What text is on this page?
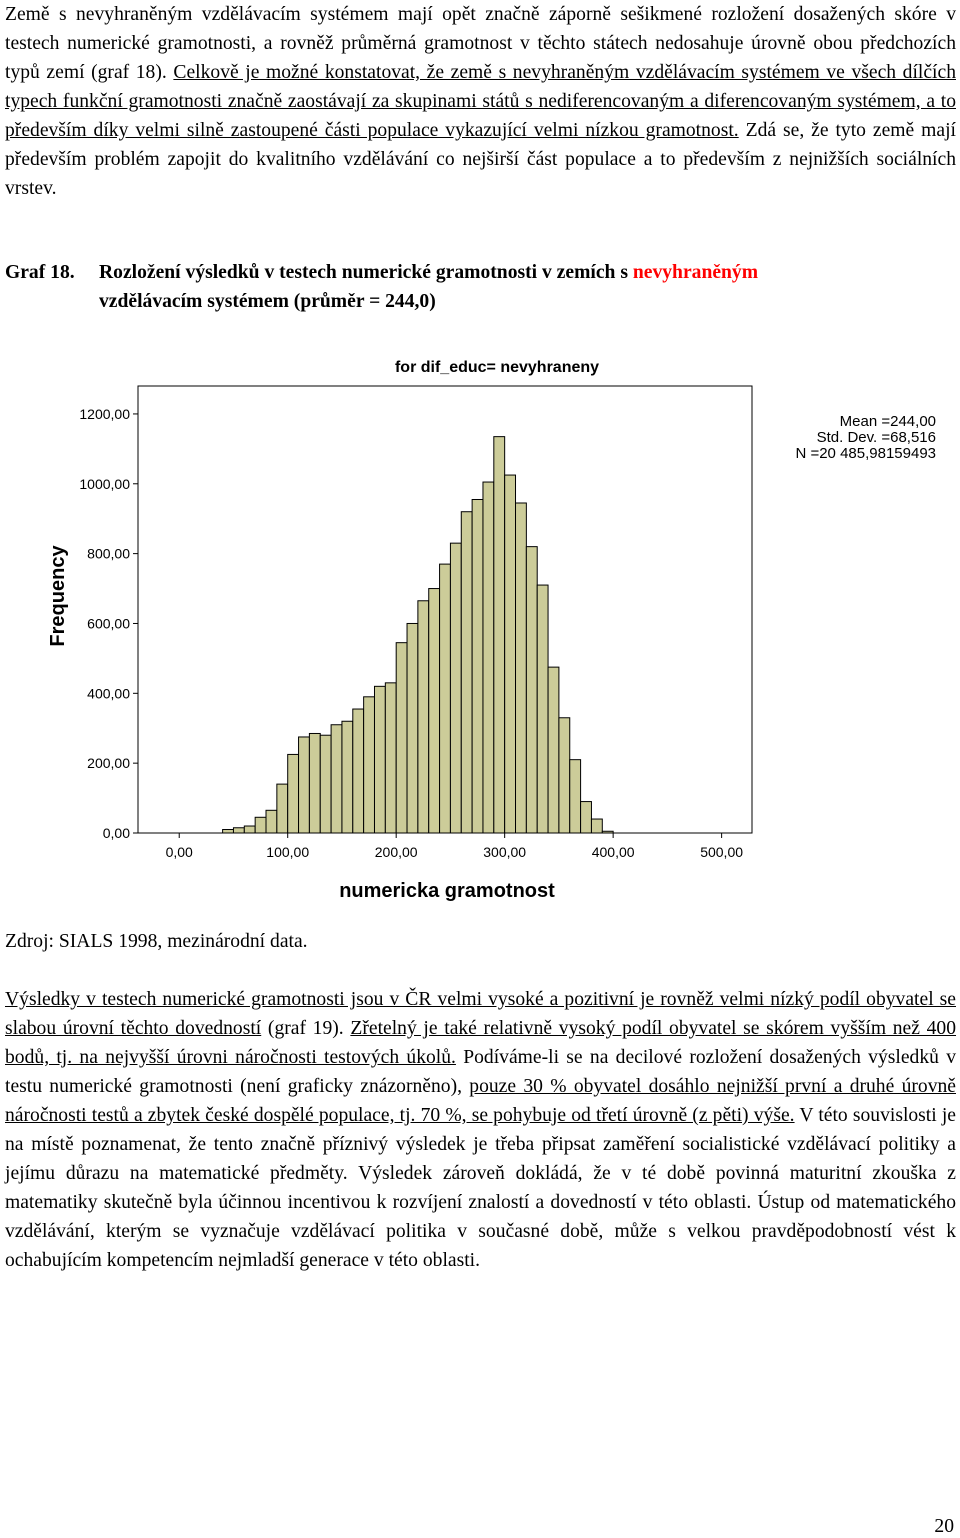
Země s nevyhraněným vzdělávacím systémem mají opět značně záporně sešikmené rozložení dosažených skóre v testech numerické gramotnosti, a rovněž průměrná gramotnost v těchto státech nedosahuje úrovně obou předchozích typů zemí (graf 18). Celkově je možné konstatovat, že země s nevyhraněným vzdělávacím systémem ve všech dílčích typech funkční gramotnosti značně zaostávají za skupinami států s nediferencovaným a diferencovaným systémem, a to především díky velmi silně zastoupené části populace vykazující velmi nízkou gramotnost. Zdá se, že tyto země mají především problém zapojit do kvalitního vzdělávání co nejširší část populace a to především z nejnižších sociálních vrstev.

Graf 18. Rozložení výsledků v testech numerické gramotnosti v zemích s nevyhraněným
vzdělávacím systémem (průměr = 244,0)

for dif_educ= nevyhraneny
0,00
200,00
400,00
600,00
800,00
1000,00
1200,00
0,00	100,00	200,00	300,00	400,00	500,00
Mean =244,00
Std. Dev. =68,516
N =20 485,98159493
numericka gramotnost
Frequency

Zdroj: SIALS 1998, mezinárodní data.

Výsledky v testech numerické gramotnosti jsou v ČR velmi vysoké a pozitivní je rovněž velmi nízký podíl obyvatel se slabou úrovní těchto dovedností (graf 19). Zřetelný je také relativně vysoký podíl obyvatel se skórem vyšším než 400 bodů, tj. na nejvyšší úrovni náročnosti testových úkolů. Podíváme-li se na decilové rozložení dosažených výsledků v testu numerické gramotnosti (není graficky znázorněno), pouze 30 % obyvatel dosáhlo nejnižší první a druhé úrovně náročnosti testů a zbytek české dospělé populace, tj. 70 %, se pohybuje od třetí úrovně (z pěti) výše. V této souvislosti je na místě poznamenat, že tento značně příznivý výsledek je třeba připsat zaměření socialistické vzdělávací politiky a jejímu důrazu na matematické předměty. Výsledek zároveň dokládá, že v té době povinná maturitní zkouška z matematiky skutečně byla účinnou incentivou k rozvíjení znalostí a dovedností v této oblasti. Ústup od matematického vzdělávání, kterým se vyznačuje vzdělávací politika v současné době, může s velkou pravděpodobností vést k ochabujícím kompetencím nejmladší generace v této oblasti.

20
